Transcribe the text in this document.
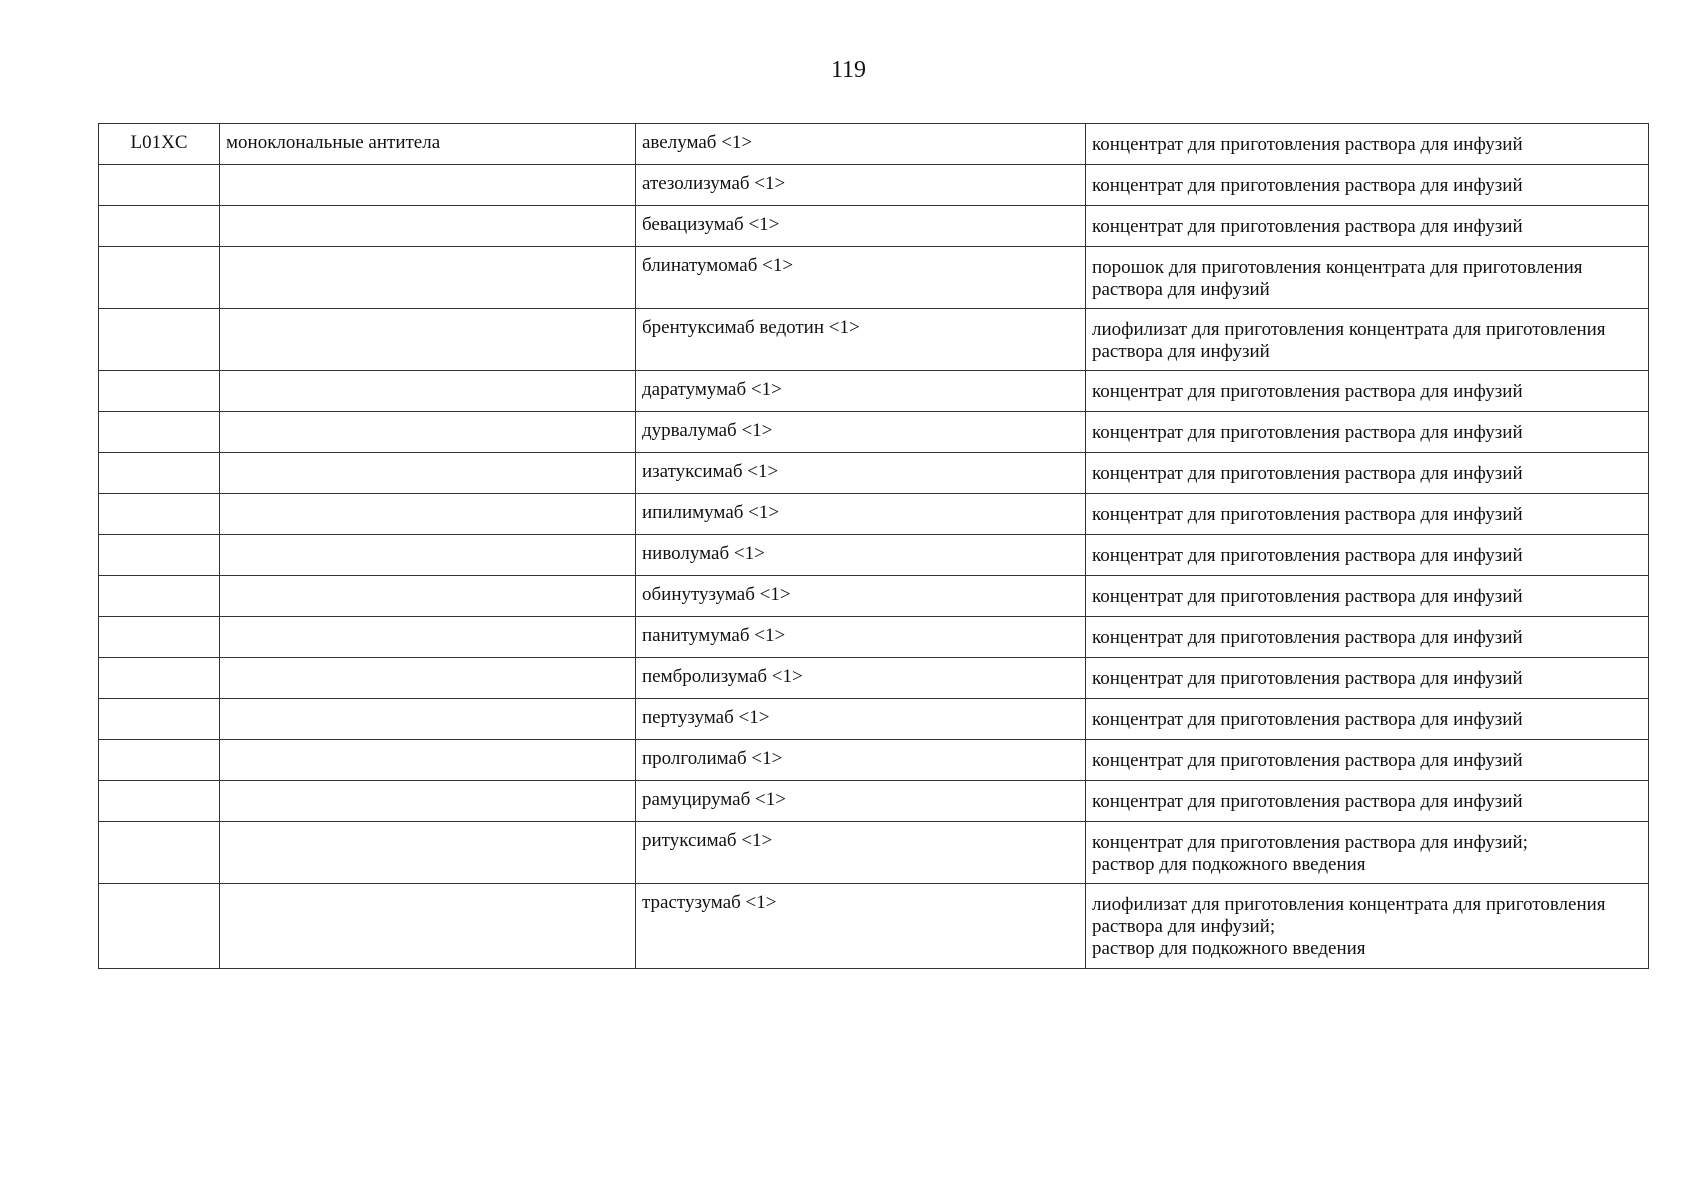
119
L01XC	моноклональные антитела	авелумаб <1>	концентрат для приготовления раствора для инфузий

		атезолизумаб <1>	концентрат для приготовления раствора для инфузий

		бевацизумаб <1>	концентрат для приготовления раствора для инфузий

		блинатумомаб <1>	порошок для приготовления концентрата для приготовления раствора для инфузий

		брентуксимаб ведотин <1>	лиофилизат для приготовления концентрата для приготовления раствора для инфузий

		даратумумаб <1>	концентрат для приготовления раствора для инфузий

		дурвалумаб <1>	концентрат для приготовления раствора для инфузий

		изатуксимаб <1>	концентрат для приготовления раствора для инфузий

		ипилимумаб <1>	концентрат для приготовления раствора для инфузий

		ниволумаб <1>	концентрат для приготовления раствора для инфузий

		обинутузумаб <1>	концентрат для приготовления раствора для инфузий

		панитумумаб <1>	концентрат для приготовления раствора для инфузий

		пембролизумаб <1>	концентрат для приготовления раствора для инфузий

		пертузумаб <1>	концентрат для приготовления раствора для инфузий

		пролголимаб <1>	концентрат для приготовления раствора для инфузий

		рамуцирумаб <1>	концентрат для приготовления раствора для инфузий

		ритуксимаб <1>	концентрат для приготовления раствора для инфузий;
раствор для подкожного введения

		трастузумаб <1>	лиофилизат для приготовления концентрата для приготовления раствора для инфузий;
раствор для подкожного введения
